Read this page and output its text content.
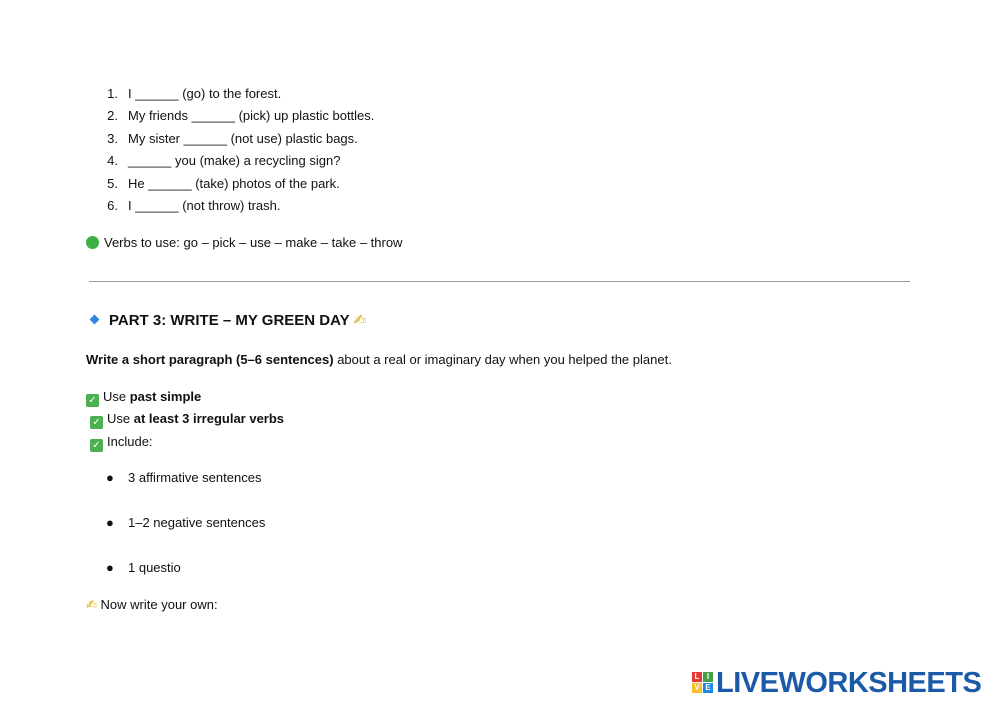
1. I ______ (go) to the forest.
2. My friends ______ (pick) up plastic bottles.
3. My sister ______ (not use) plastic bags.
4. ______ you (make) a recycling sign?
5. He ______ (take) photos of the park.
6. I ______ (not throw) trash.
Verbs to use: go – pick – use – make – take – throw
PART 3: WRITE – MY GREEN DAY ✍
Write a short paragraph (5–6 sentences) about a real or imaginary day when you helped the planet.
✓ Use past simple
✓ Use at least 3 irregular verbs
✓ Include:
● 3 affirmative sentences
● 1–2 negative sentences
● 1 questio
✍ Now write your own:
L I
V E LIVEWORKSHEETS
